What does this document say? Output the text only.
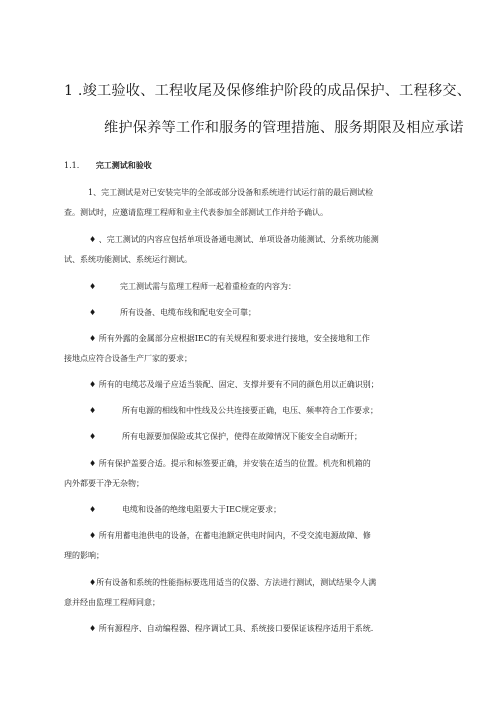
1 .竣工验收、工程收尾及保修维护阶段的成品保护、工程移交、
维护保养等工作和服务的管理措施、服务期限及相应承诺
1.1. 完工测试和验收
1、完工测试是对已安装完毕的全部或部分设备和系统进行试运行前的最后测试检
查。测试时，应邀请监理工程师和业主代表参加全部测试工作并给予确认。
♦ 、完工测试的内容应包括单项设备通电测试、单项设备功能测试、分系统功能测
试、系统功能测试、系统运行测试。
♦	完工测试需与监理工程师一起着重检查的内容为：
♦	所有设备、电缆布线和配电安全可靠；
♦ 所有外露的金属部分应根据IEC的有关规程和要求进行接地，安全接地和工作
接地点应符合设备生产厂家的要求；
♦ 所有的电缆芯及端子应适当装配、固定、支撑并要有不同的颜色用以正确识别；
♦	所有电源的相线和中性线及公共连接要正确，电压、频率符合工作要求；
♦	所有电源要加保险或其它保护，使得在故障情况下能安全自动断开；
♦ 所有保护盖要合适。提示和标签要正确，并安装在适当的位置。机壳和机箱的
内外都要干净无杂物；
♦	电缆和设备的绝缘电阻要大于IEC规定要求；
♦ 所有用蓄电池供电的设备，在蓄电池额定供电时间内，不受交流电源故障、修
理的影响；
♦所有设备和系统的性能指标要选用适当的仪器、方法进行测试，测试结果令人满
意并经由监理工程师同意；
♦ 所有源程序、自动编程器、程序调试工具、系统接口要保证该程序适用于系统.
